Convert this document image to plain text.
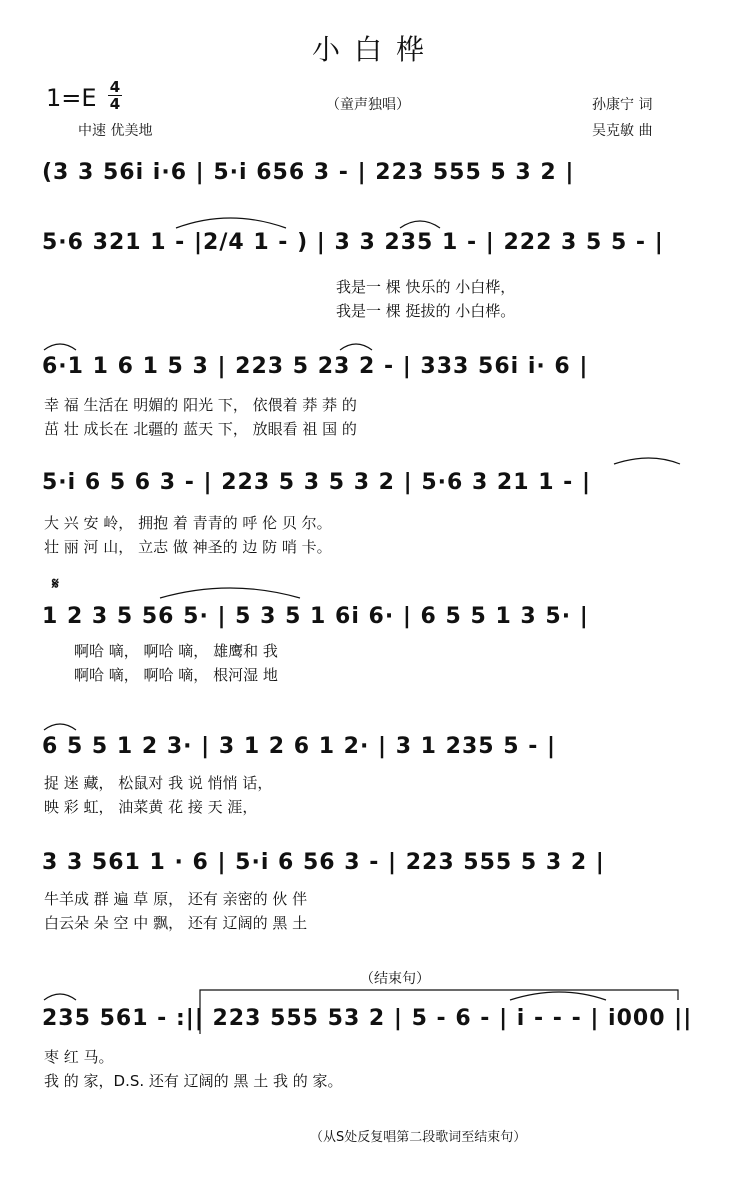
小白桦
1=E 4
4	（童声独唱）
中速 优美地
孙康宁 词
吴克敏 曲
(3 3 56i i·6 | 5·i 656 3 - | 223 555 5 3 2 |
5·6 321 1 - |2/4 1 - ) | 3 3 235 1 - | 222 3 5 5 - |
我是一 棵 快乐的 小白桦，
我是一 棵 挺拔的 小白桦。
6·1 1 6 1 5 3 | 223 5 23 2 - | 333 56i i· 6 |
幸 福 生活在 明媚的 阳光 下， 依偎着 莽 莽 的
茁 壮 成长在 北疆的 蓝天 下， 放眼看 祖 国 的
5·i 6 5 6 3 - | 223 5 3 5 3 2 | 5·6 3 21 1 - |
大 兴 安 岭， 拥抱 着 青青的 呼 伦 贝 尔。
壮 丽 河 山， 立志 做 神圣的 边 防 哨 卡。
𝄋
1 2 3 5 56 5· | 5 3 5 1 6i 6· | 6 5 5 1 3 5· |
啊哈 嘀， 啊哈 嘀， 雄鹰和 我
啊哈 嘀， 啊哈 嘀， 根河湿 地
6 5 5 1 2 3· | 3 1 2 6 1 2· | 3 1 235 5 - |
捉 迷 藏， 松鼠对 我 说 悄悄 话，
映 彩 虹， 油菜黄 花 接 天 涯，
3 3 561 1 · 6 | 5·i 6 56 3 - | 223 555 5 3 2 |
牛羊成 群 遍 草 原， 还有 亲密的 伙 伴
白云朵 朵 空 中 飘， 还有 辽阔的 黑 土
（结束句）
235 561 - :|| 223 555 53 2 | 5 - 6 - | i - - - | i000 ||
枣 红 马。
我 的 家，D.S. 还有 辽阔的 黑 土 我 的 家。
（从S处反复唱第二段歌词至结束句）
